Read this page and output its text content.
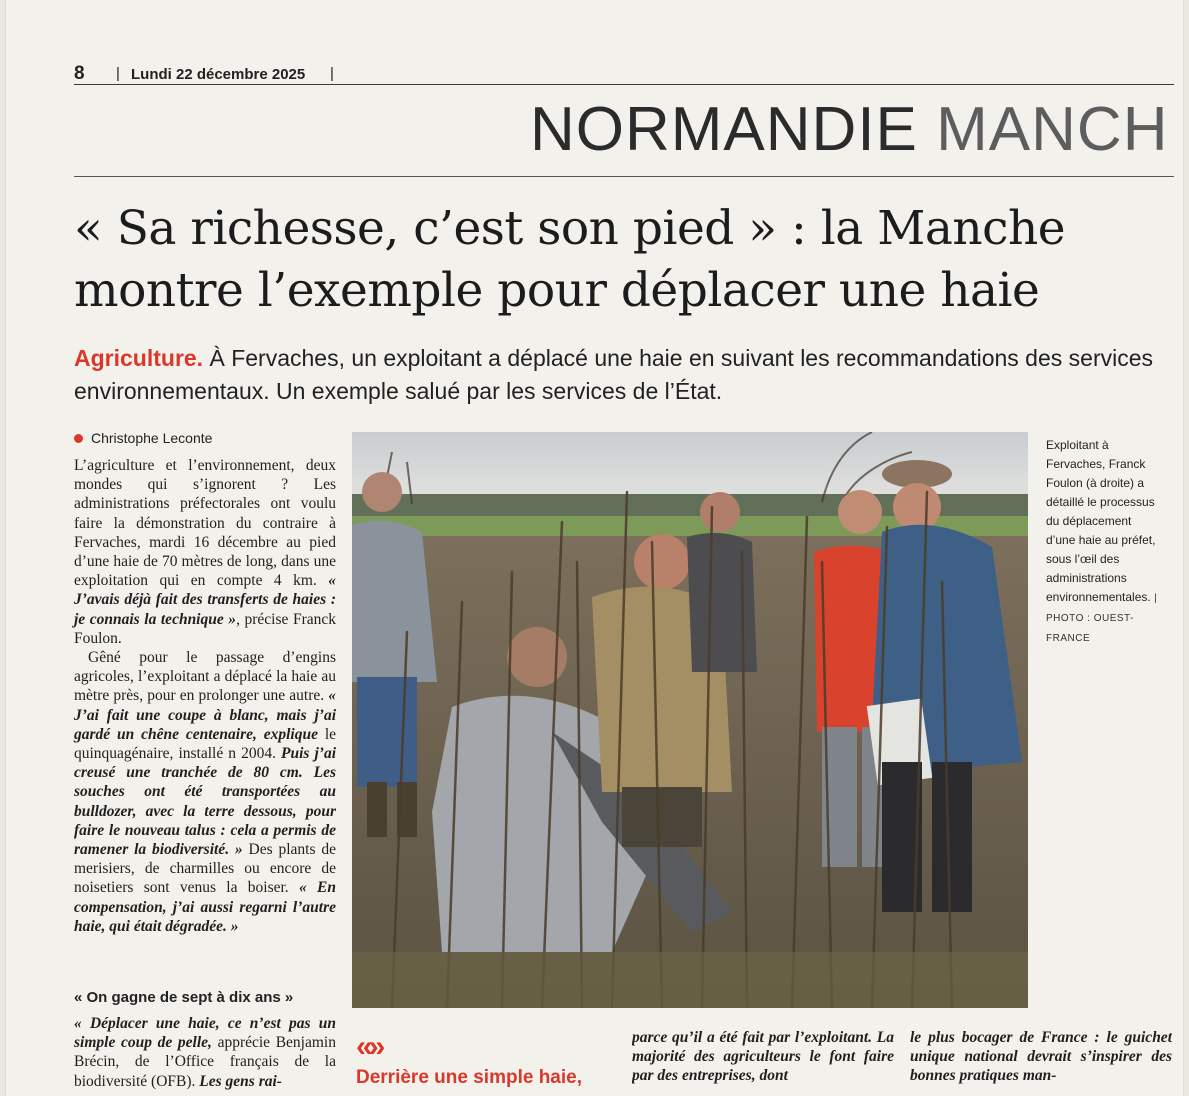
8 | Lundi 22 décembre 2025 |
NORMANDIE MANCH
« Sa richesse, c’est son pied » : la Manche montre l’exemple pour déplacer une haie
Agriculture. À Fervaches, un exploitant a déplacé une haie en suivant les recommandations des services environnementaux. Un exemple salué par les services de l’État.
Christophe Leconte

L’agriculture et l’environnement, deux mondes qui s’ignorent ? Les administrations préfectorales ont voulu faire la démonstration du contraire à Fervaches, mardi 16 décembre au pied d’une haie de 70 mètres de long, dans une exploitation qui en compte 4 km. « J’avais déjà fait des transferts de haies : je connais la technique », précise Franck Foulon.

Gêné pour le passage d’engins agricoles, l’exploitant a déplacé la haie au mètre près, pour en prolonger une autre. « J’ai fait une coupe à blanc, mais j’ai gardé un chêne centenaire, explique le quinquagénaire, installé n 2004. Puis j’ai creusé une tranchée de 80 cm. Les souches ont été transportées au bulldozer, avec la terre dessous, pour faire le nouveau talus : cela a permis de ramener la biodiversité. » Des plants de merisiers, de charmilles ou encore de noisetiers sont venus la boiser. « En compensation, j’ai aussi regarni l’autre haie, qui était dégradée. »

« On gagne de sept à dix ans »

« Déplacer une haie, ce n’est pas un simple coup de pelle, apprécie Benjamin Brécin, de l’Office français de la biodiversité (OFB). Les gens rai-

Exploitant à Fervaches, Franck Foulon (à droite) a détaillé le processus du déplacement d’une haie au préfet, sous l’œil des administrations environnementales. | PHOTO : OUEST-FRANCE
«»
Derrière une simple haie,

parce qu’il a été fait par l’exploitant. La majorité des agriculteurs le font faire par des entreprises, dont

le plus bocager de France : le guichet unique national devrait s’inspirer des bonnes pratiques man-
